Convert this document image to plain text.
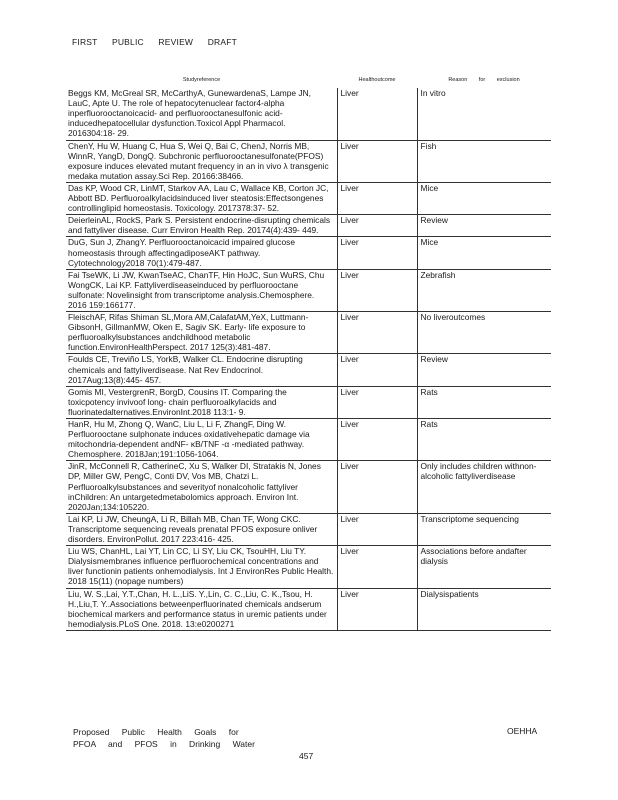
FIRST PUBLIC REVIEW DRAFT
Studyreference	Healthoutcome	Reason for exclusion
Beggs KM, McGreal SR, McCarthyA, GunewardenaS, Lampe JN, LauC, Apte U. The role of hepatocytenuclear factor4-alpha inperfluorooctanoicacid- and perfluorooctanesulfonic acid-inducedhepatocellular dysfunction.Toxicol Appl Pharmacol. 2016304:18- 29.	Liver	In vitro
ChenY, Hu W, Huang C, Hua S, Wei Q, Bai C, ChenJ, Norris MB, WinnR, YangD, DongQ. Subchronic perfluorooctanesulfonate(PFOS) exposure induces elevated mutant frequency in an in vivo λ transgenic medaka mutation assay.Sci Rep. 20166:38466.	Liver	Fish
Das KP, Wood CR, LinMT, Starkov AA, Lau C, Wallace KB, Corton JC, Abbott BD. Perfluoroalkylacidsinduced liver steatosis:Effectsongenes controllinglipid homeostasis. Toxicology. 2017378:37- 52.	Liver	Mice
DeierleinAL, RockS, Park S. Persistent endocrine-disrupting chemicals and fattyliver disease. Curr Environ Health Rep. 20174(4):439- 449.	Liver	Review
DuG, Sun J, ZhangY. Perfluorooctanoicacid impaired glucose homeostasis through affectingadiposeAKT pathway. Cytotechnology2018 70(1):479-487.	Liver	Mice
Fai TseWK, Li JW, KwanTseAC, ChanTF, Hin HoJC, Sun WuRS, Chu WongCK, Lai KP. Fattyliverdiseaseinduced by perfluorooctane sulfonate: Novelinsight from transcriptome analysis.Chemosphere. 2016 159:166177.	Liver	Zebrafish
FleischAF, Rifas Shiman SL,Mora AM,CalafatAM,YeX, Luttmann-GibsonH, GillmanMW, Oken E, Sagiv SK. Early- life exposure to perfluoroalkylsubstances andchildhood metabolic function.EnvironHealthPerspect. 2017 125(3):481-487.	Liver	No liveroutcomes
Foulds CE, Treviño LS, YorkB, Walker CL. Endocrine disrupting chemicals and fattyliverdisease. Nat Rev Endocrinol. 2017Aug;13(8):445- 457.	Liver	Review
Gomis MI, VestergrenR, BorgD, Cousins IT. Comparing the toxicpotency invivoof long- chain perfluoroalkylacids and fluorinatedalternatives.EnvironInt.2018 113:1- 9.	Liver	Rats
HanR, Hu M, Zhong Q, WanC, Liu L, Li F, ZhangF, Ding W. Perfluorooctane sulphonate induces oxidativehepatic damage via mitochondria-dependent andNF- κB/TNF -α -mediated pathway. Chemosphere. 2018Jan;191:1056-1064.	Liver	Rats
JinR, McConnell R, CatherineC, Xu S, Walker DI, Stratakis N, Jones DP, Miller GW, PengC, Conti DV, Vos MB, Chatzi L. Perfluoroalkylsubstances and severityof nonalcoholic fattyliver inChildren: An untargetedmetabolomics approach. Environ Int. 2020Jan;134:105220.	Liver	Only includes children withnon-alcoholic fattyliverdisease
Lai KP, Li JW, CheungA, Li R, Billah MB, Chan TF, Wong CKC. Transcriptome sequencing reveals prenatal PFOS exposure onliver disorders. EnvironPollut. 2017 223:416- 425.	Liver	Transcriptome sequencing
Liu WS, ChanHL, Lai YT, Lin CC, Li SY, Liu CK, TsouHH, Liu TY. Dialysismembranes influence perfluorochemical concentrations and liver functionin patients onhemodialysis. Int J EnvironRes Public Health. 2018 15(11) (nopage numbers)	Liver	Associations before andafter dialysis
Liu, W. S.,Lai, Y.T.,Chan, H. L.,LiS. Y.,Lin, C. C.,Liu, C. K.,Tsou, H. H.,Liu,T. Y..Associations betweenperfluorinated chemicals andserum biochemical markers and performance status in uremic patients under hemodialysis.PLoS One. 2018. 13:e0200271	Liver	Dialysispatients
Proposed Public Health Goals for
PFOA and PFOS in Drinking Water
OEHHA
457
